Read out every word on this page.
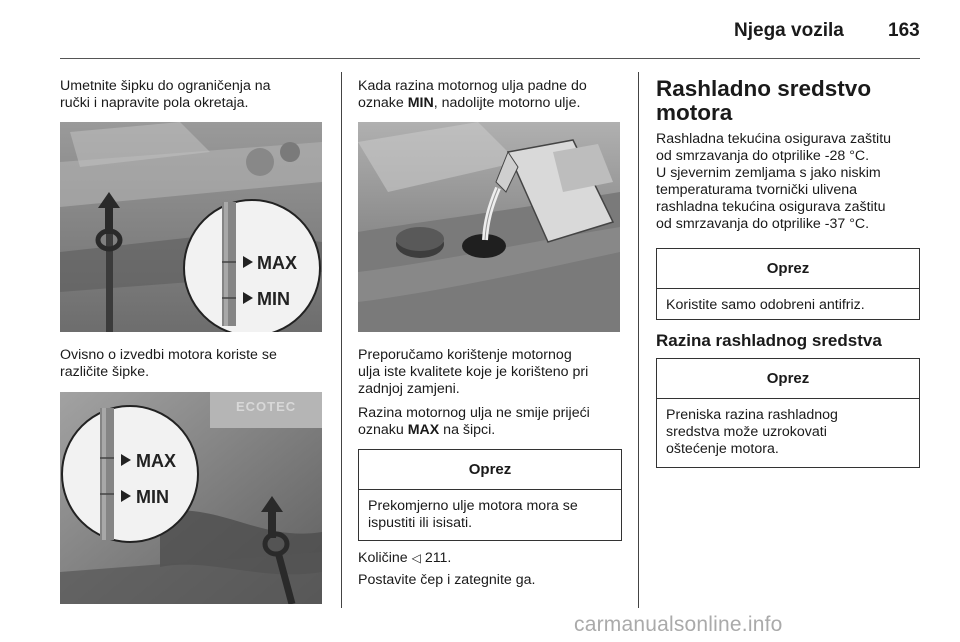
Njega vozila 163
Umetnite šipku do ograničenja na
ručki i napravite pola okretaja.
MAX
MIN
Ovisno o izvedbi motora koriste se
različite šipke.
ECOTEC
MAX
MIN
Kada razina motornog ulja padne do
oznake MIN, nadolijte motorno ulje.
Preporučamo korištenje motornog
ulja iste kvalitete koje je korišteno pri
zadnjoj zamjeni.
Razina motornog ulja ne smije prijeći
oznaku MAX na šipci.
Oprez
Prekomjerno ulje motora mora se
ispustiti ili isisati.
Količine ◁ 211.
Postavite čep i zategnite ga.
Rashladno sredstvo
motora
Rashladna tekućina osigurava zaštitu
od smrzavanja do otprilike -28 °C.
U sjevernim zemljama s jako niskim
temperaturama tvornički ulivena
rashladna tekućina osigurava zaštitu
od smrzavanja do otprilike -37 °C.
Oprez
Koristite samo odobreni antifriz.
Razina rashladnog sredstva
Oprez
Preniska razina rashladnog
sredstva može uzrokovati
oštećenje motora.
carmanualsonline.info
